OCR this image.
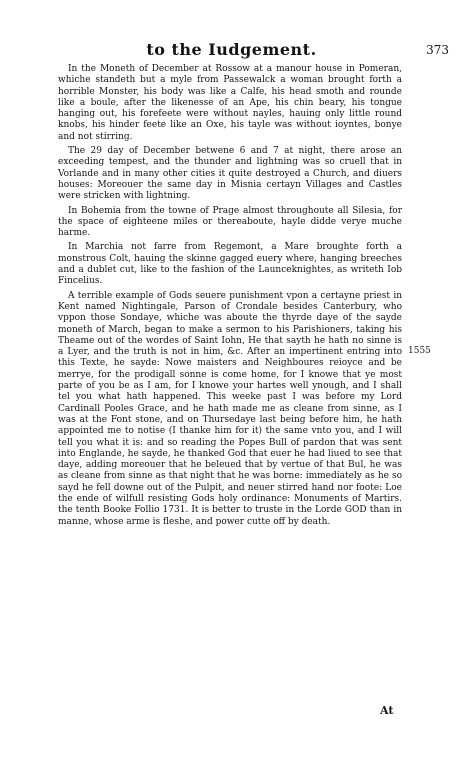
to the Iudgement.	373

In the Moneth of December at Rossow at a manour house in Pomeran, whiche standeth but a myle from Passewalck a woman brought forth a horrible Monster, his body was like a Calfe, his head smoth and rounde like a boule, after the likenesse of an Ape, his chin beary, his tongue hanging out, his forefeete were without nayles, hauing only little round knobs, his hinder feete like an Oxe, his tayle was without ioyntes, bonye and not stirring.

The 29 day of December betwene 6 and 7 at night, there arose an exceeding tempest, and the thunder and lightning was so cruell that in Vorlande and in many other cities it quite destroyed a Church, and diuers houses: Moreouer the same day in Misnia certayn Villages and Castles were stricken with lightning.

In Bohemia from the towne of Prage almost throughoute all Silesia, for the space of eighteene miles or thereaboute, hayle didde verye muche harme.

In Marchia not farre from Regemont, a Mare broughte forth a monstrous Colt, hauing the skinne gagged euery where, hanging breeches and a dublet cut, like to the fashion of the Launceknightes, as writeth Iob Fincelius.

A terrible example of Gods seuere punishment vpon a certayne priest in Kent named Nightingale, Parson of Crondale besides Canterbury, who vppon those Sondaye, whiche was aboute the thyrde daye of the sayde moneth of March, began to make a sermon to his Parishioners, taking his Theame out of the wordes of Saint Iohn, He that sayth he hath no sinne is a Lyer, and the truth is not in him, &c. After an impertinent entring into this Texte, he sayde: Nowe maisters and Neighboures reioyce and be merrye, for the prodigall sonne is come home, for I knowe that ye most parte of you be as I am, for I knowe your hartes well ynough, and I shall tel you what hath happened. This weeke past I was before my Lord Cardinall Pooles Grace, and he hath made me as cleane from sinne, as I was at the Font stone, and on Thursedaye last being before him, he hath appointed me to notise (I thanke him for it) the same vnto you, and I will tell you what it is: and so reading the Popes Bull of pardon that was sent into Englande, he sayde, he thanked God that euer he had liued to see that daye, adding moreouer that he beleued that by vertue of that Bul, he was as cleane from sinne as that night that he was borne: immediately as he so sayd he fell downe out of the Pulpit, and neuer stirred hand nor foote: Loe the ende of wilfull resisting Gods holy ordinance: Monuments of Martirs. the tenth Booke Follio 1731. It is better to truste in the Lorde GOD than in manne, whose arme is fleshe, and power cutte off by death.

1555
At
